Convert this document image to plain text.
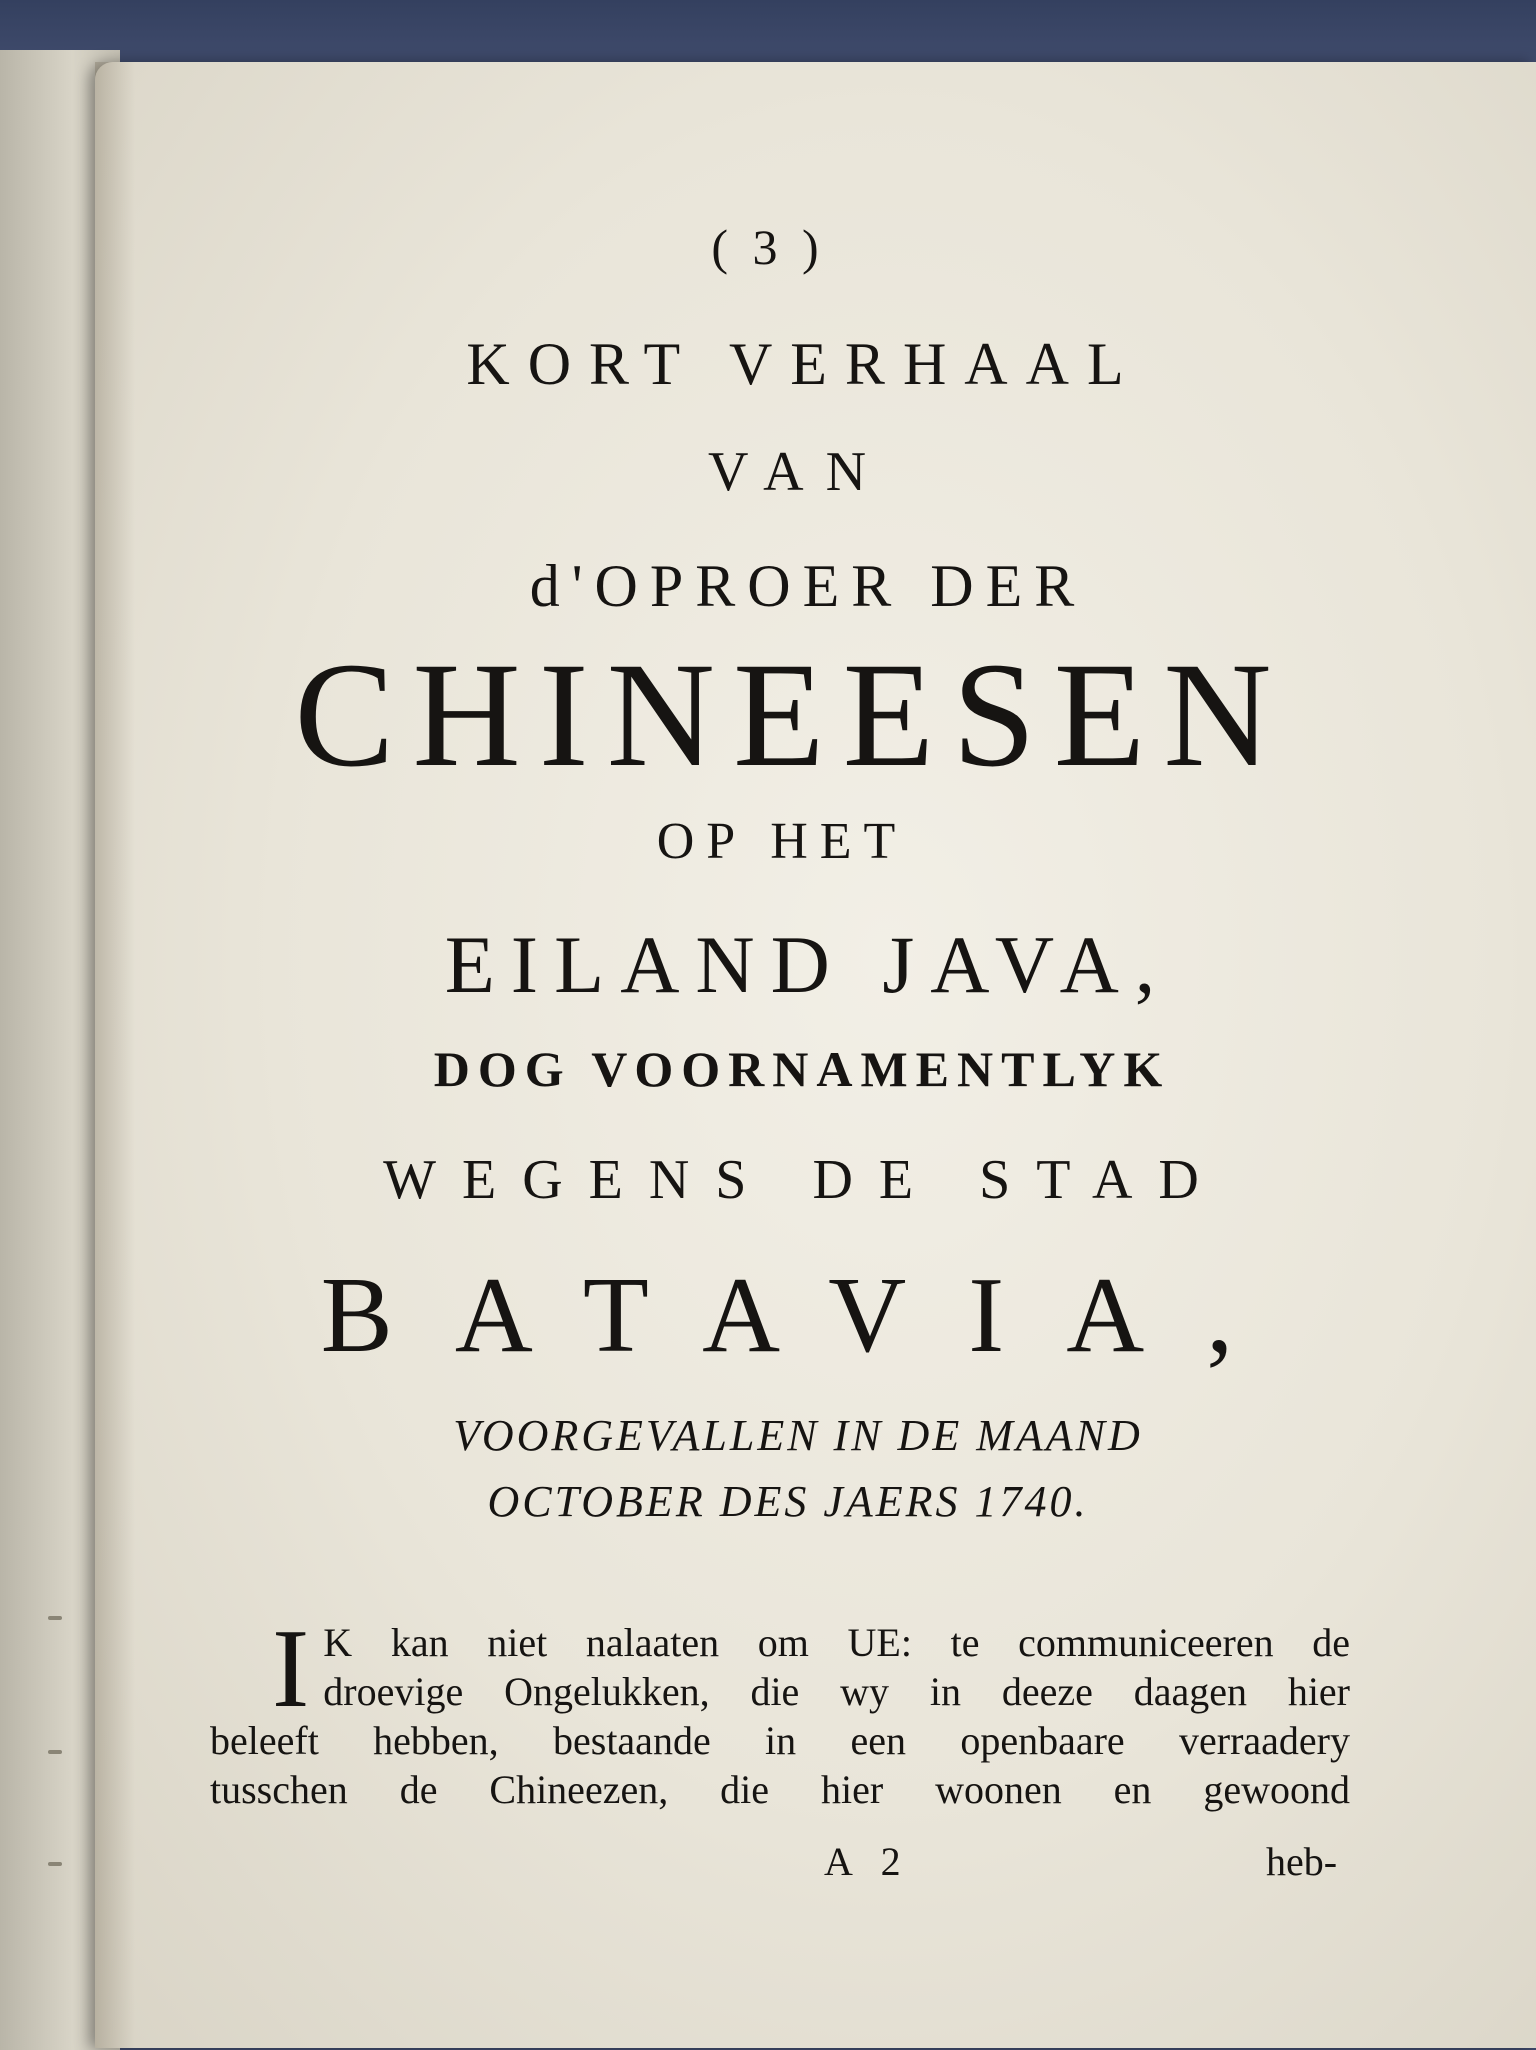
( 3 )
KORT VERHAAL
VAN
d'OPROER DER
CHINEESEN
OP HET
EILAND JAVA,
DOG VOORNAMENTLYK
WEGENS DE STAD
BATAVIA,
VOORGEVALLEN IN DE MAAND
OCTOBER DES JAERS 1740.
I K kan niet nalaaten om UE: te communiceeren de
droevige Ongelukken, die wy in deeze daagen hier
beleeft hebben, bestaande in een openbaare verraadery
tusschen de Chineezen, die hier woonen en gewoond
A 2	heb-
